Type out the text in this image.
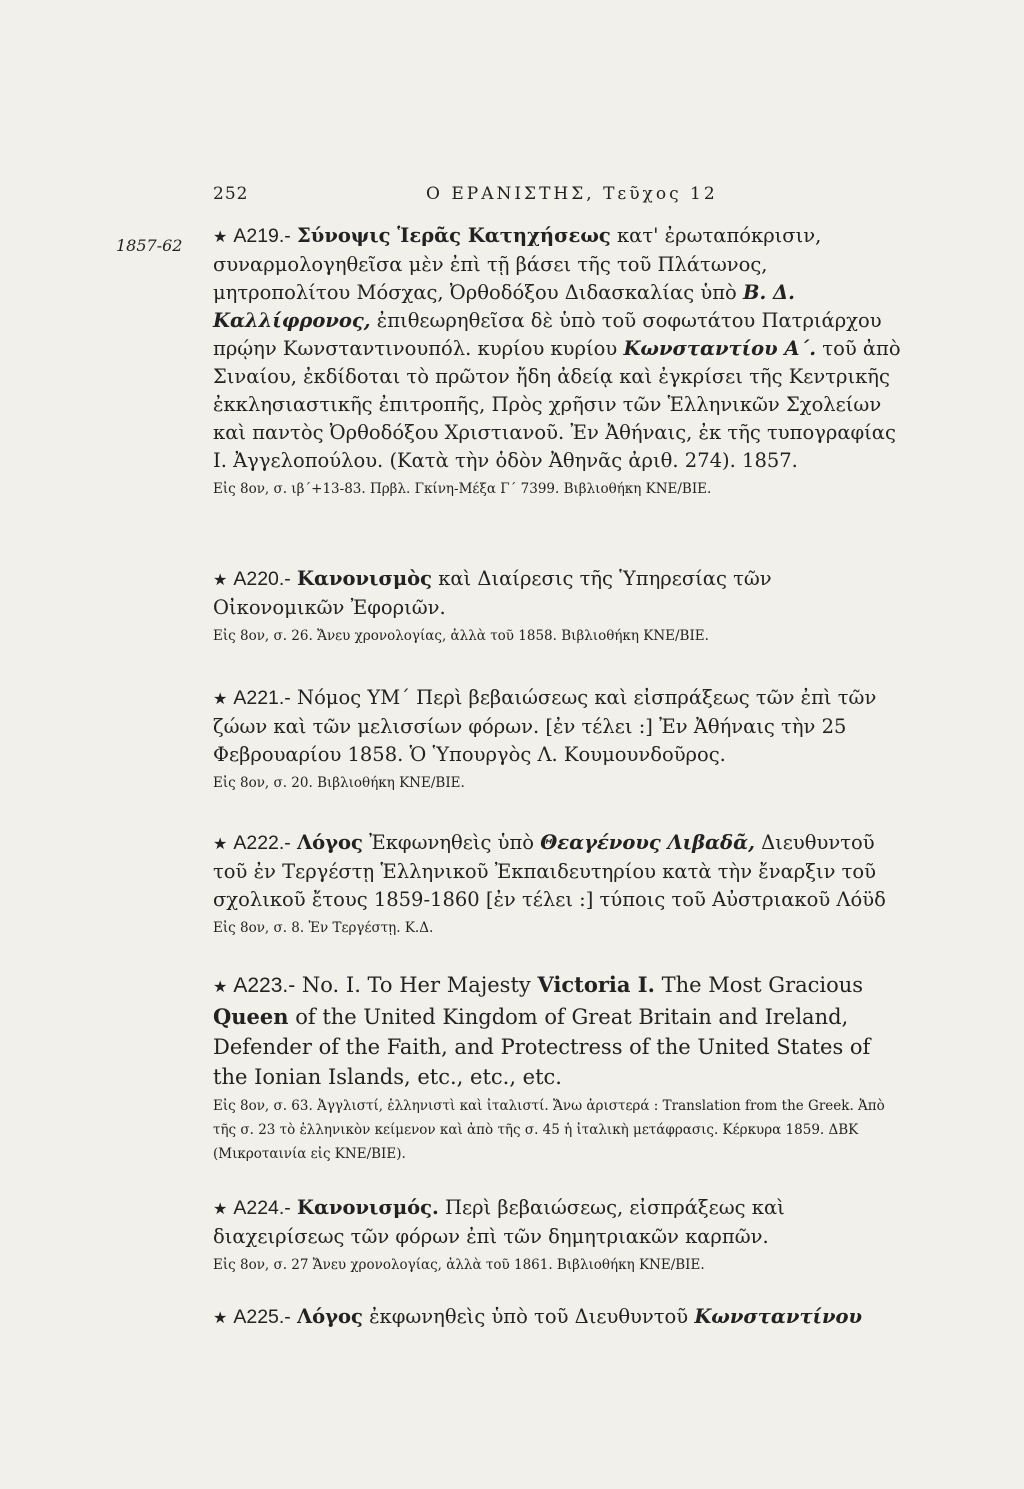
252	Ο ΕΡΑΝΙΣΤΗΣ, Τεῦχος 12
1857-62 ★ Α219.- Σύνοψις Ἱερᾶς Κατηχήσεως κατ' ἐρωταπόκρισιν, συναρμολογηθεῖσα μὲν ἐπὶ τῇ βάσει τῆς τοῦ Πλάτωνος, μητροπολίτου Μόσχας, Ὀρθοδόξου Διδασκαλίας ὑπὸ Β. Δ. Καλλίφρονος, ἐπιθεωρηθεῖσα δὲ ὑπὸ τοῦ σοφωτάτου Πατριάρχου πρῴην Κωνσταντινουπόλ. κυρίου κυρίου Κωνσταντίου Α΄. τοῦ ἀπὸ Σιναίου, ἐκδίδοται τὸ πρῶτον ἤδη ἀδείᾳ καὶ ἐγκρίσει τῆς Κεντρικῆς ἐκκλησιαστικῆς ἐπιτροπῆς, Πρὸς χρῆσιν τῶν Ἑλληνικῶν Σχολείων καὶ παντὸς Ὀρθοδόξου Χριστιανοῦ. Ἐν Ἀθήναις, ἐκ τῆς τυπογραφίας Ι. Ἀγγελοπούλου. (Κατὰ τὴν ὁδὸν Ἀθηνᾶς ἀριθ. 274). 1857.
Εἰς 8ον, σ. ιβ΄+13-83. Πρβλ. Γκίνη-Μέξα Γ΄ 7399. Βιβλιοθήκη ΚΝΕ/ΒΙΕ.
★ Α220.- Κανονισμὸς καὶ Διαίρεσις τῆς Ὑπηρεσίας τῶν Οἰκονομικῶν Ἐφοριῶν.
Εἰς 8ον, σ. 26. Ἄνευ χρονολογίας, ἀλλὰ τοῦ 1858. Βιβλιοθήκη ΚΝΕ/ΒΙΕ.
★ Α221.- Νόμος ΥΜ΄ Περὶ βεβαιώσεως καὶ εἰσπράξεως τῶν ἐπὶ τῶν ζώων καὶ τῶν μελισσίων φόρων. [ἐν τέλει :] Ἐν Ἀθήναις τὴν 25 Φεβρουαρίου 1858. Ὁ Ὑπουργὸς Λ. Κουμουνδοῦρος.
Εἰς 8ον, σ. 20. Βιβλιοθήκη ΚΝΕ/ΒΙΕ.
★ Α222.- Λόγος Ἐκφωνηθεὶς ὑπὸ Θεαγένους Λιβαδᾶ, Διευθυντοῦ τοῦ ἐν Τεργέστῃ Ἑλληνικοῦ Ἐκπαιδευτηρίου κατὰ τὴν ἔναρξιν τοῦ σχολικοῦ ἔτους 1859-1860 [ἐν τέλει :] τύποις τοῦ Αὐστριακοῦ Λόϋδ
Εἰς 8ον, σ. 8. Ἐν Τεργέστῃ. Κ.Δ.
★ Α223.- No. I. To Her Majesty Victoria I. The Most Gracious Queen of the United Kingdom of Great Britain and Ireland, Defender of the Faith, and Protectress of the United States of the Ionian Islands, etc., etc., etc.
Εἰς 8ον, σ. 63. Ἀγγλιστί, ἑλληνιστὶ καὶ ἰταλιστί. Ἄνω ἀριστερά : Translation from the Greek. Ἀπὸ τῆς σ. 23 τὸ ἑλληνικὸν κείμενον καὶ ἀπὸ τῆς σ. 45 ἡ ἰταλικὴ μετάφρασις. Κέρκυρα 1859. ΔΒΚ (Μικροταινία εἰς ΚΝΕ/ΒΙΕ).
★ Α224.- Κανονισμός. Περὶ βεβαιώσεως, εἰσπράξεως καὶ διαχειρίσεως τῶν φόρων ἐπὶ τῶν δημητριακῶν καρπῶν.
Εἰς 8ον, σ. 27 Ἄνευ χρονολογίας, ἀλλὰ τοῦ 1861. Βιβλιοθήκη ΚΝΕ/ΒΙΕ.
★ Α225.- Λόγος ἐκφωνηθεὶς ὑπὸ τοῦ Διευθυντοῦ Κωνσταντίνου
